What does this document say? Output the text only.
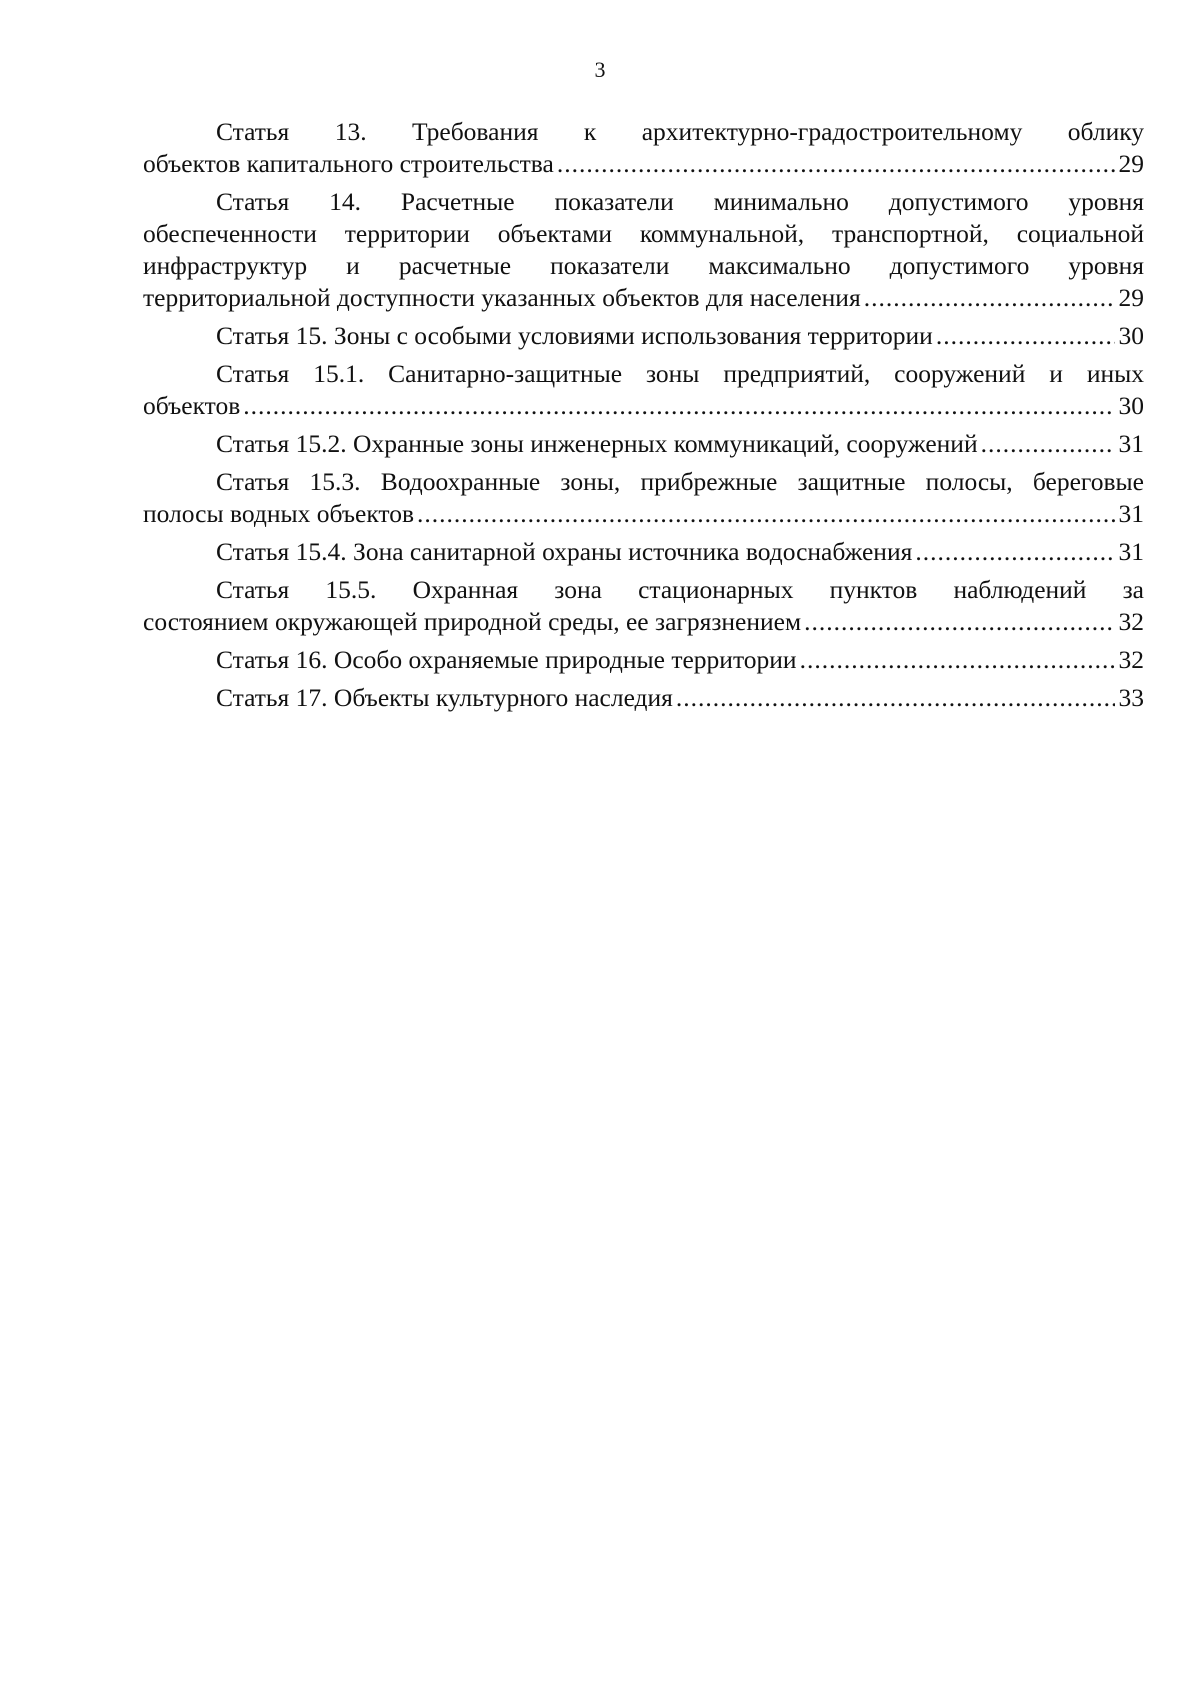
3
Статья 13. Требования к архитектурно-градостроительному облику
объектов капитального строительства .....	29
Статья 14. Расчетные показатели минимально допустимого уровня
обеспеченности территории объектами коммунальной, транспортной, социальной
инфраструктур и расчетные показатели максимально допустимого уровня
территориальной доступности указанных объектов для населения .....	29
Статья 15. Зоны с особыми условиями использования территории .....	30
Статья 15.1. Санитарно-защитные зоны предприятий, сооружений и иных
объектов .....	30
Статья 15.2. Охранные зоны инженерных коммуникаций, сооружений .....	31
Статья 15.3. Водоохранные зоны, прибрежные защитные полосы, береговые
полосы водных объектов .....	31
Статья 15.4. Зона санитарной охраны источника водоснабжения .....	31
Статья 15.5. Охранная зона стационарных пунктов наблюдений за
состоянием окружающей природной среды, ее загрязнением .....	32
Статья 16. Особо охраняемые природные территории .....	32
Статья 17. Объекты культурного наследия .....	33
